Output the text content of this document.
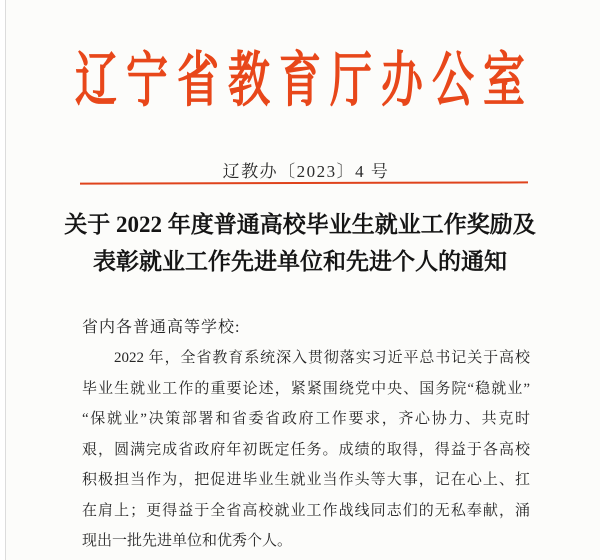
辽宁省教育厅办公室
辽教办〔2023〕4 号
关于 2022 年度普通高校毕业生就业工作奖励及
表彰就业工作先进单位和先进个人的通知
省内各普通高等学校:
2022 年，全省教育系统深入贯彻落实习近平总书记关于高校
毕业生就业工作的重要论述，紧紧围绕党中央、国务院“稳就业”
“保就业”决策部署和省委省政府工作要求，齐心协力、共克时
艰，圆满完成省政府年初既定任务。成绩的取得，得益于各高校
积极担当作为，把促进毕业生就业当作头等大事，记在心上、扛
在肩上；更得益于全省高校就业工作战线同志们的无私奉献，涌
现出一批先进单位和优秀个人。
